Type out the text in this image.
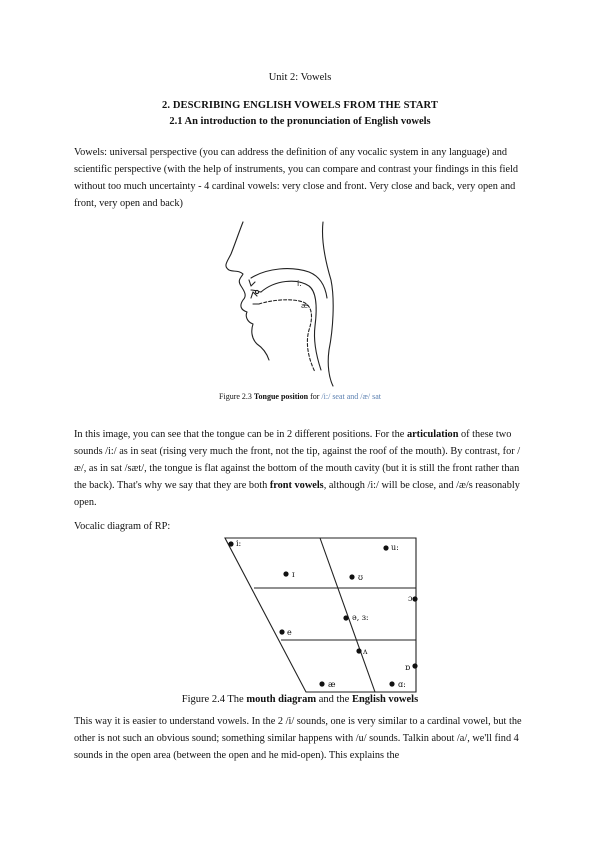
Unit 2: Vowels
2. DESCRIBING ENGLISH VOWELS FROM THE START
2.1 An introduction to the pronunciation of English vowels

Vowels: universal perspective (you can address the definition of any vocalic system in any language) and scientific perspective (with the help of instruments, you can compare and contrast your findings in this field without too much uncertainty - 4 cardinal vowels: very close and front. Very close and back, very open and front, very open and back)

i:
æ
Figure 2.3 Tongue position for /i:/ seat and /æ/ sat

In this image, you can see that the tongue can be in 2 different positions. For the articulation of these two sounds /i:/ as in seat (rising very much the front, not the tip, against the roof of the mouth). By contrast, for /æ/, as in sat /sæt/, the tongue is flat against the bottom of the mouth cavity (but it is still the front rather than the back). That's why we say that they are both front vowels, although /i:/ will be close, and /æ/s reasonably open.

Vocalic diagram of RP:

i:	u:
ɪ	ʊ
ɔ:
ə, ɜ:
e
ʌ
ɒ
æ	ɑ:
Figure 2.4 The mouth diagram and the English vowels

This way it is easier to understand vowels. In the 2 /i/ sounds, one is very similar to a cardinal vowel, but the other is not such an obvious sound; something similar happens with /u/ sounds. Talkin about /a/, we'll find 4 sounds in the open area (between the open and he mid-open). This explains the
